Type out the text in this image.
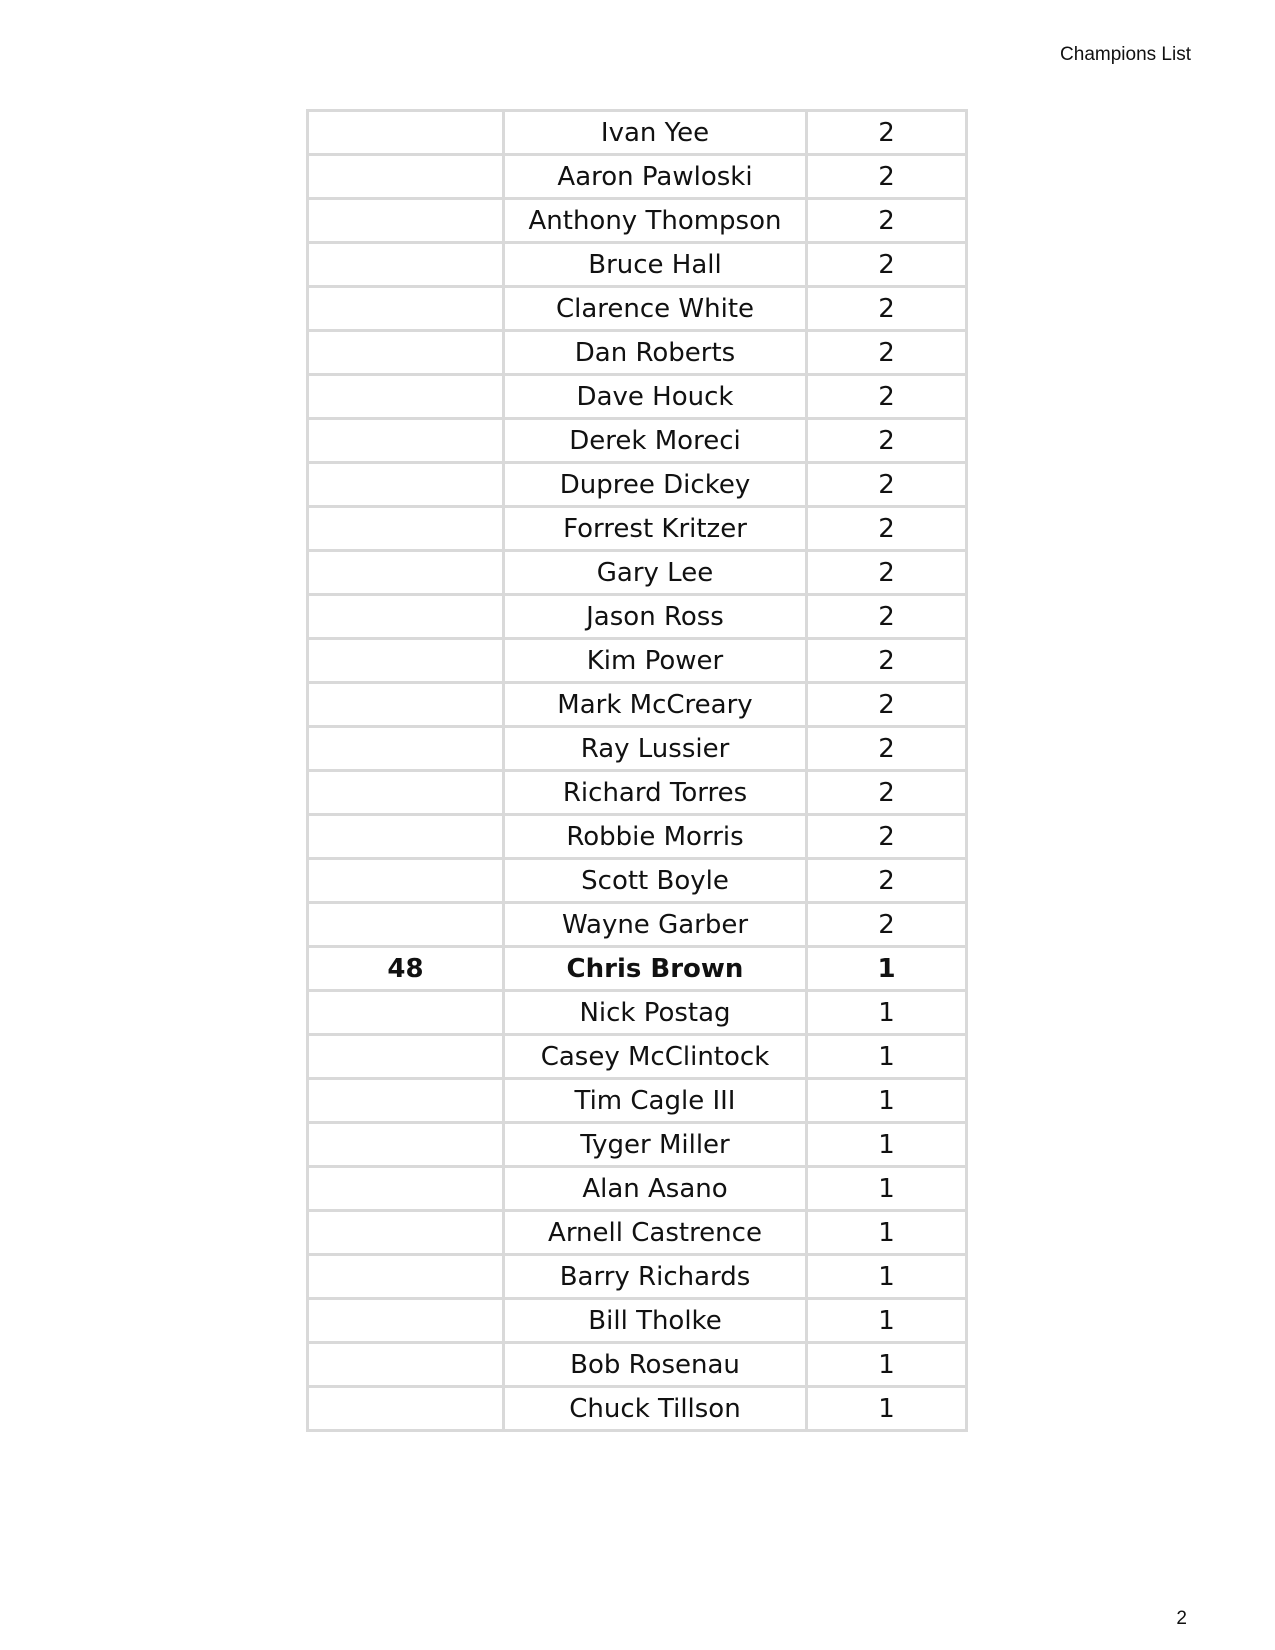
Champions List
	Ivan Yee	2
	Aaron Pawloski	2
	Anthony Thompson	2
	Bruce Hall	2
	Clarence White	2
	Dan Roberts	2
	Dave Houck	2
	Derek Moreci	2
	Dupree Dickey	2
	Forrest Kritzer	2
	Gary Lee	2
	Jason Ross	2
	Kim Power	2
	Mark McCreary	2
	Ray Lussier	2
	Richard Torres	2
	Robbie Morris	2
	Scott Boyle	2
	Wayne Garber	2
48	Chris Brown	1
	Nick Postag	1
	Casey McClintock	1
	Tim Cagle III	1
	Tyger Miller	1
	Alan Asano	1
	Arnell Castrence	1
	Barry Richards	1
	Bill Tholke	1
	Bob Rosenau	1
	Chuck Tillson	1
2
